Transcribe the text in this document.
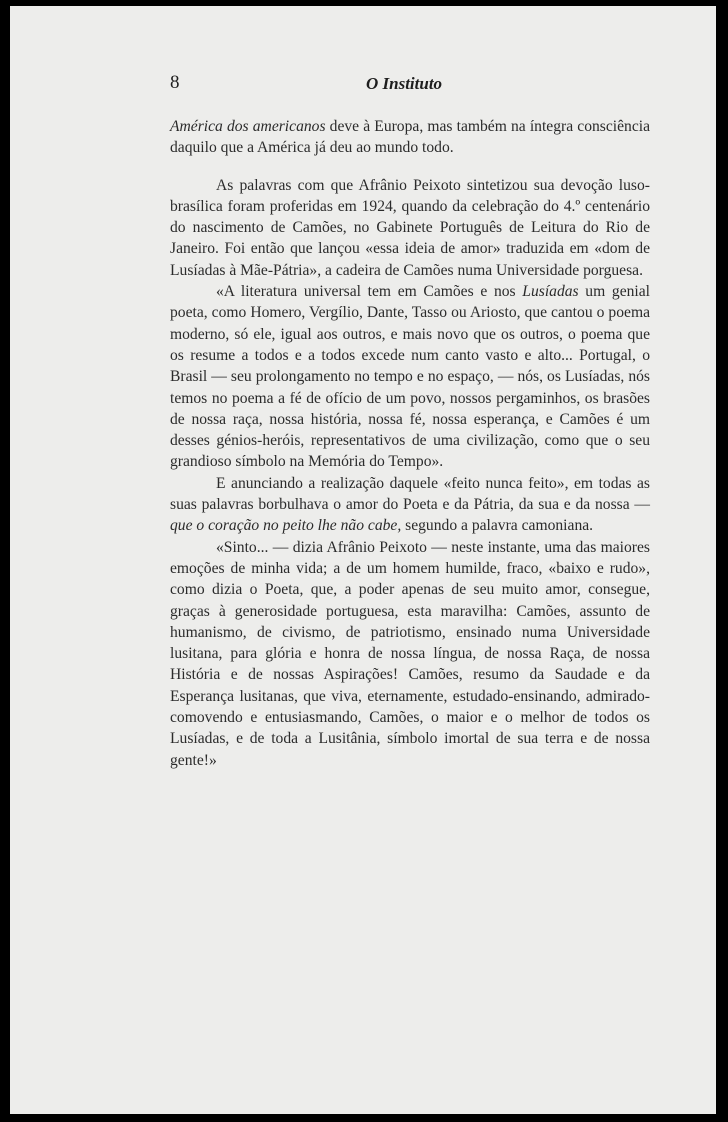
8	O Instituto

América dos americanos deve à Europa, mas também na íntegra consciência daquilo que a América já deu ao mundo todo.

As palavras com que Afrânio Peixoto sintetizou sua devoção luso-brasílica foram proferidas em 1924, quando da celebração do 4.º centenário do nascimento de Camões, no Gabinete Português de Leitura do Rio de Janeiro. Foi então que lançou «essa ideia de amor» traduzida em «dom de Lusíadas à Mãe-Pátria», a cadeira de Camões numa Universidade porguesa.

«A literatura universal tem em Camões e nos Lusíadas um genial poeta, como Homero, Vergílio, Dante, Tasso ou Ariosto, que cantou o poema moderno, só ele, igual aos outros, e mais novo que os outros, o poema que os resume a todos e a todos excede num canto vasto e alto... Portugal, o Brasil — seu prolongamento no tempo e no espaço, — nós, os Lusíadas, nós temos no poema a fé de ofício de um povo, nossos pergaminhos, os brasões de nossa raça, nossa história, nossa fé, nossa esperança, e Camões é um desses génios-heróis, representativos de uma civilização, como que o seu grandioso símbolo na Memória do Tempo».

E anunciando a realização daquele «feito nunca feito», em todas as suas palavras borbulhava o amor do Poeta e da Pátria, da sua e da nossa — que o coração no peito lhe não cabe, segundo a palavra camoniana.

«Sinto... — dizia Afrânio Peixoto — neste instante, uma das maiores emoções de minha vida; a de um homem humilde, fraco, «baixo e rudo», como dizia o Poeta, que, a poder apenas de seu muito amor, consegue, graças à generosidade portuguesa, esta maravilha: Camões, assunto de humanismo, de civismo, de patriotismo, ensinado numa Universidade lusitana, para glória e honra de nossa língua, de nossa Raça, de nossa História e de nossas Aspirações! Camões, resumo da Saudade e da Esperança lusitanas, que viva, eternamente, estudado-ensinando, admirado-comovendo e entusiasmando, Camões, o maior e o melhor de todos os Lusíadas, e de toda a Lusitânia, símbolo imortal de sua terra e de nossa gente!»
